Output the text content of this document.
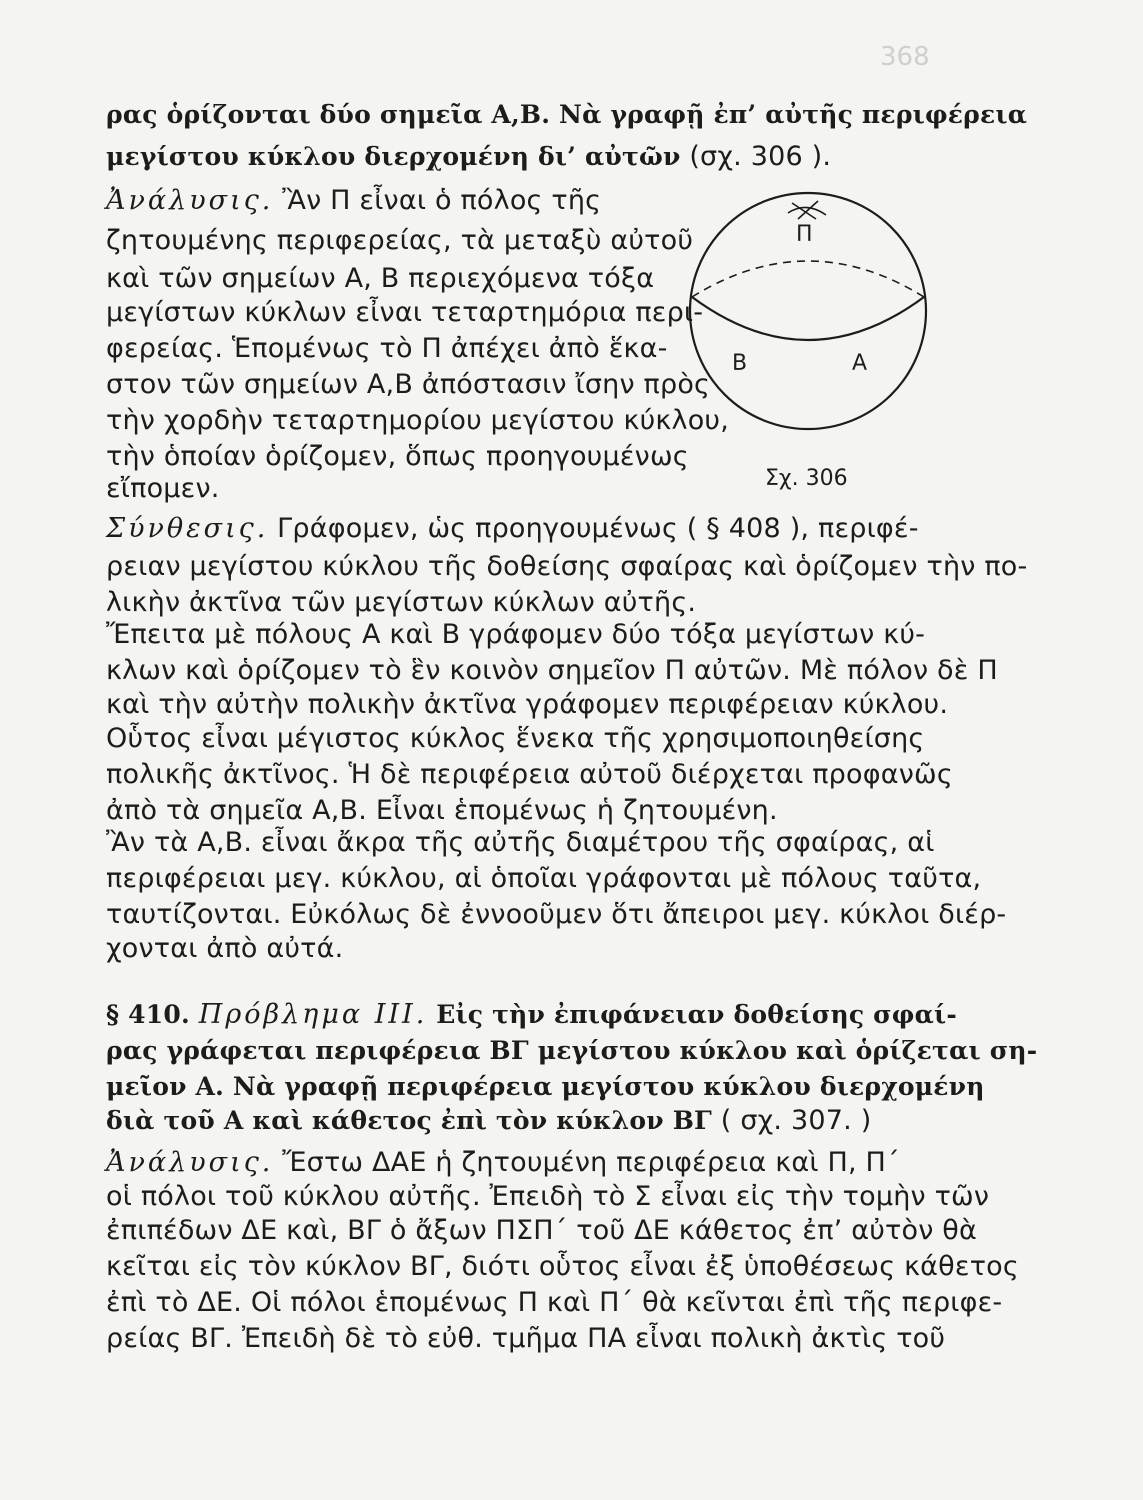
368
ρας ὁρίζονται δύο σημεῖα Α,Β. Νὰ γραφῇ ἐπ’ αὐτῆς περιφέρεια
μεγίστου κύκλου διερχομένη δι’ αὐτῶν (σχ. 306 ).
Ἀνάλυσις. Ἂν Π εἶναι ὁ πόλος τῆς
ζητουμένης περιφερείας, τὰ μεταξὺ αὐτοῦ
καὶ τῶν σημείων Α, Β περιεχόμενα τόξα
μεγίστων κύκλων εἶναι τεταρτημόρια περι-
φερείας. Ἑπομένως τὸ Π ἀπέχει ἀπὸ ἕκα-
στον τῶν σημείων Α,Β ἀπόστασιν ἴσην πρὸς
τὴν χορδὴν τεταρτημορίου μεγίστου κύκλου,
τὴν ὁποίαν ὁρίζομεν, ὅπως προηγουμένως
εἴπομεν.
Σύνθεσις. Γράφομεν, ὡς προηγουμένως ( § 408 ), περιφέ-
ρειαν μεγίστου κύκλου τῆς δοθείσης σφαίρας καὶ ὁρίζομεν τὴν πο-
λικὴν ἀκτῖνα τῶν μεγίστων κύκλων αὐτῆς.
Ἔπειτα μὲ πόλους Α καὶ Β γράφομεν δύο τόξα μεγίστων κύ-
κλων καὶ ὁρίζομεν τὸ ἓν κοινὸν σημεῖον Π αὐτῶν. Μὲ πόλον δὲ Π
καὶ τὴν αὐτὴν πολικὴν ἀκτῖνα γράφομεν περιφέρειαν κύκλου.
Οὗτος εἶναι μέγιστος κύκλος ἕνεκα τῆς χρησιμοποιηθείσης
πολικῆς ἀκτῖνος. Ἡ δὲ περιφέρεια αὐτοῦ διέρχεται προφανῶς
ἀπὸ τὰ σημεῖα Α,Β. Εἶναι ἑπομένως ἡ ζητουμένη.
Ἂν τὰ Α,Β. εἶναι ἄκρα τῆς αὐτῆς διαμέτρου τῆς σφαίρας, αἱ
περιφέρειαι μεγ. κύκλου, αἱ ὁποῖαι γράφονται μὲ πόλους ταῦτα,
ταυτίζονται. Εὐκόλως δὲ ἐννοοῦμεν ὅτι ἄπειροι μεγ. κύκλοι διέρ-
χονται ἀπὸ αὐτά.
§ 410. Πρόβλημα III. Εἰς τὴν ἐπιφάνειαν δοθείσης σφαί-
ρας γράφεται περιφέρεια ΒΓ μεγίστου κύκλου καὶ ὁρίζεται ση-
μεῖον Α. Νὰ γραφῇ περιφέρεια μεγίστου κύκλου διερχομένη
διὰ τοῦ Α καὶ κάθετος ἐπὶ τὸν κύκλον ΒΓ ( σχ. 307. )
Ἀνάλυσις. Ἔστω ΔΑΕ ἡ ζητουμένη περιφέρεια καὶ Π, Π΄
οἱ πόλοι τοῦ κύκλου αὐτῆς. Ἐπειδὴ τὸ Σ εἶναι εἰς τὴν τομὴν τῶν
ἐπιπέδων ΔΕ καὶ, ΒΓ ὁ ἄξων ΠΣΠ΄ τοῦ ΔΕ κάθετος ἐπ’ αὐτὸν θὰ
κεῖται εἰς τὸν κύκλον ΒΓ, διότι οὗτος εἶναι ἐξ ὑποθέσεως κάθετος
ἐπὶ τὸ ΔΕ. Οἱ πόλοι ἑπομένως Π καὶ Π΄ θὰ κεῖνται ἐπὶ τῆς περιφε-
ρείας ΒΓ. Ἐπειδὴ δὲ τὸ εὐθ. τμῆμα ΠΑ εἶναι πολικὴ ἀκτὶς τοῦ
Π
Β	Α
Σχ. 306
